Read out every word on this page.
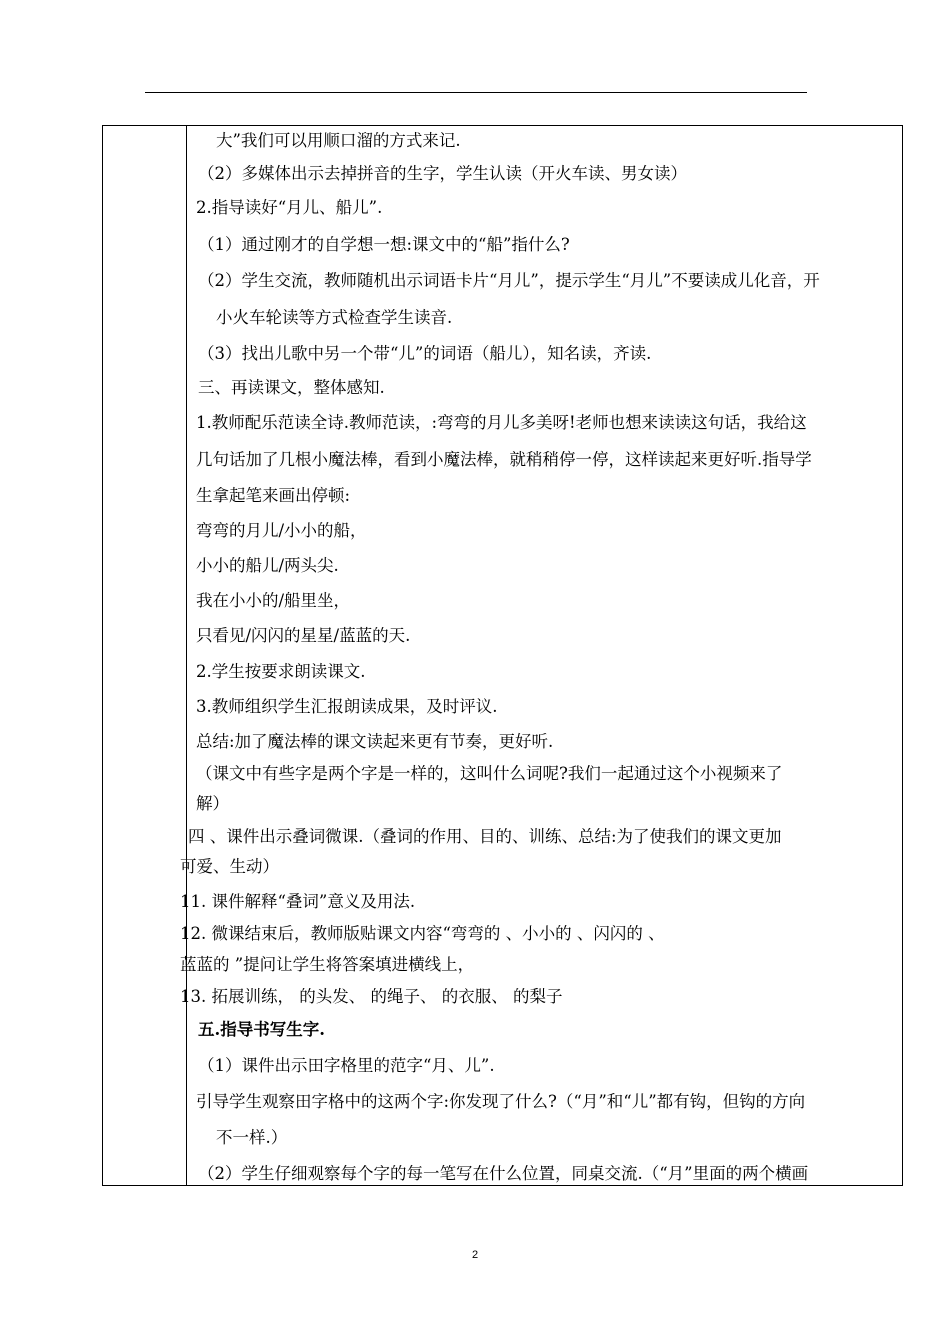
大”我们可以用顺口溜的方式来记.
（2）多媒体出示去掉拼音的生字，学生认读（开火车读、男女读）
2.指导读好“月儿、船儿”.
（1）通过刚才的自学想一想:课文中的“船”指什么?
（2）学生交流，教师随机出示词语卡片“月儿”，提示学生“月儿”不要读成儿化音，开
小火车轮读等方式检查学生读音.
（3）找出儿歌中另一个带“儿”的词语（船儿），知名读，齐读.
三、再读课文，整体感知.
1.教师配乐范读全诗.教师范读，:弯弯的月儿多美呀!老师也想来读读这句话，我给这
几句话加了几根小魔法棒，看到小魔法棒，就稍稍停一停，这样读起来更好听.指导学
生拿起笔来画出停顿:
弯弯的月儿/小小的船，
小小的船儿/两头尖.
我在小小的/船里坐，
只看见/闪闪的星星/蓝蓝的天.
2.学生按要求朗读课文.
3.教师组织学生汇报朗读成果，及时评议.
总结:加了魔法棒的课文读起来更有节奏，更好听.
（课文中有些字是两个字是一样的，这叫什么词呢?我们一起通过这个小视频来了
解）
四 、课件出示叠词微课.（叠词的作用、目的、训练、总结:为了使我们的课文更加
可爱、生动）
11. 课件解释“叠词”意义及用法.
12. 微课结束后，教师版贴课文内容“弯弯的 、小小的 、闪闪的 、
蓝蓝的 ”提问让学生将答案填进横线上，
13. 拓展训练， 的头发、 的绳子、 的衣服、 的梨子
五.指导书写生字.
（1）课件出示田字格里的范字“月、儿”.
引导学生观察田字格中的这两个字:你发现了什么?（“月”和“儿”都有钩，但钩的方向
不一样.）
（2）学生仔细观察每个字的每一笔写在什么位置，同桌交流.（“月”里面的两个横画
2
